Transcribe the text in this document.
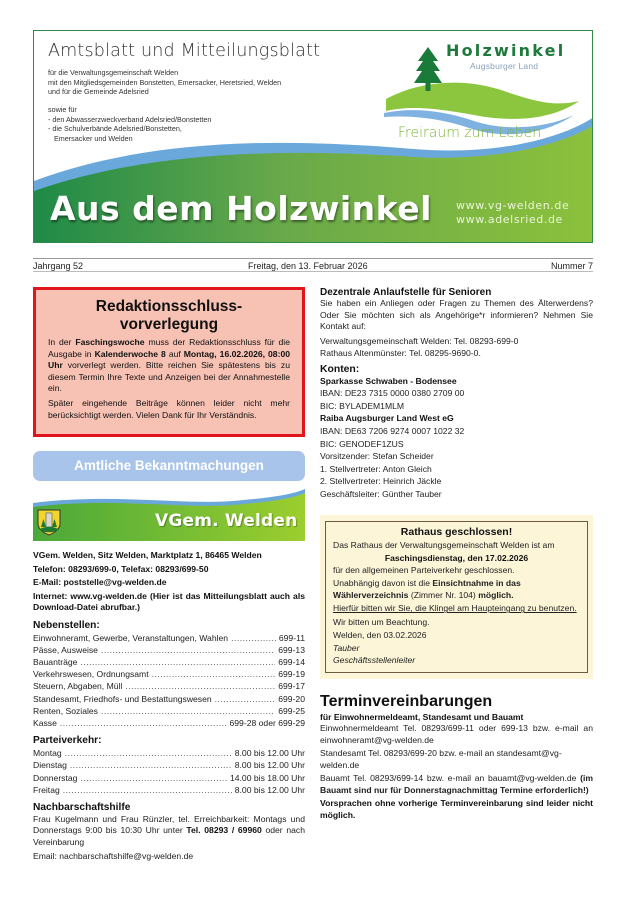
Amtsblatt und Mitteilungsblatt
für die Verwaltungsgemeinschaft Welden
mit den Mitgliedsgemeinden Bonstetten, Emersacker, Heretsried, Welden
und für die Gemeinde Adelsried
sowie für
- den Abwasserzweckverband Adelsried/Bonstetten
- die Schulverbände Adelsried/Bonstetten,
Emersacker und Welden
Holzwinkel
Augsburger Land
Freiraum zum Leben
Aus dem Holzwinkel www.vg-welden.de
www.adelsried.de
Jahrgang 52	Freitag, den 13. Februar 2026	Nummer 7
Redaktionsschluss-
vorverlegung

In der Faschingswoche muss der Redaktionsschluss für die Ausgabe in Kalenderwoche 8 auf Montag, 16.02.2026, 08:00 Uhr vorverlegt werden. Bitte reichen Sie spätestens bis zu diesem Termin Ihre Texte und Anzeigen bei der Annahmestelle ein.

Später eingehende Beiträge können leider nicht mehr berücksichtigt werden. Vielen Dank für Ihr Verständnis.

Amtliche Bekanntmachungen
VGem. Welden

VGem. Welden, Sitz Welden, Marktplatz 1, 86465 Welden

Telefon: 08293/699-0, Telefax: 08293/699-50

E-Mail: poststelle@vg-welden.de

Internet: www.vg-welden.de (Hier ist das Mitteilungsblatt auch als Download-Datei abrufbar.)

Nebenstellen:
Einwohneramt, Gewerbe, Veranstaltungen, Wahlen .....	699-11
Pässe, Ausweise .....	699-13
Bauanträge .....	699-14
Verkehrswesen, Ordnungsamt .....	699-19
Steuern, Abgaben, Müll .....	699-17
Standesamt, Friedhofs- und Bestattungswesen .....	699-20
Renten, Soziales .....	699-25
Kasse .....	699-28 oder 699-29
Parteiverkehr:
Montag .....	8.00 bis 12.00 Uhr
Dienstag .....	8.00 bis 12.00 Uhr
Donnerstag .....	14.00 bis 18.00 Uhr
Freitag .....	8.00 bis 12.00 Uhr
Nachbarschaftshilfe

Frau Kugelmann und Frau Rünzler, tel. Erreichbarkeit: Montags und Donnerstags 9:00 bis 10:30 Uhr unter Tel. 08293 / 69960 oder nach Vereinbarung

Email: nachbarschaftshilfe@vg-welden.de

Dezentrale Anlaufstelle für Senioren

Sie haben ein Anliegen oder Fragen zu Themen des Älterwerdens? Oder Sie möchten sich als Angehörige*r informieren? Nehmen Sie Kontakt auf:

Verwaltungsgemeinschaft Welden: Tel. 08293-699-0
Rathaus Altenmünster: Tel. 08295-9690-0.
Konten:
Sparkasse Schwaben - Bodensee
IBAN: DE23 7315 0000 0380 2709 00
BIC: BYLADEM1MLM
Raiba Augsburger Land West eG
IBAN: DE63 7206 9274 0007 1022 32
BIC: GENODEF1ZUS
Vorsitzender: Stefan Scheider
1. Stellvertreter: Anton Gleich
2. Stellvertreter: Heinrich Jäckle
Geschäftsleiter: Günther Tauber
Rathaus geschlossen!

Das Rathaus der Verwaltungsgemeinschaft Welden ist am

Faschingsdienstag, den 17.02.2026

für den allgemeinen Parteiverkehr geschlossen.

Unabhängig davon ist die Einsichtnahme in das Wählerverzeichnis (Zimmer Nr. 104) möglich.

Hierfür bitten wir Sie, die Klingel am Haupteingang zu benutzen.

Wir bitten um Beachtung.

Welden, den 03.02.2026

Tauber

Geschäftsstellenleiter

Terminvereinbarungen
für Einwohnermeldeamt, Standesamt und Bauamt

Einwohnermeldeamt Tel. 08293/699-11 oder 699-13 bzw. e-mail an einwohneramt@vg-welden.de

Standesamt Tel. 08293/699-20 bzw. e-mail an standesamt@vg-welden.de

Bauamt Tel. 08293/699-14 bzw. e-mail an bauamt@vg-welden.de (im Bauamt sind nur für Donnerstagnachmittag Termine erforderlich!)

Vorsprachen ohne vorherige Terminvereinbarung sind leider nicht möglich.
